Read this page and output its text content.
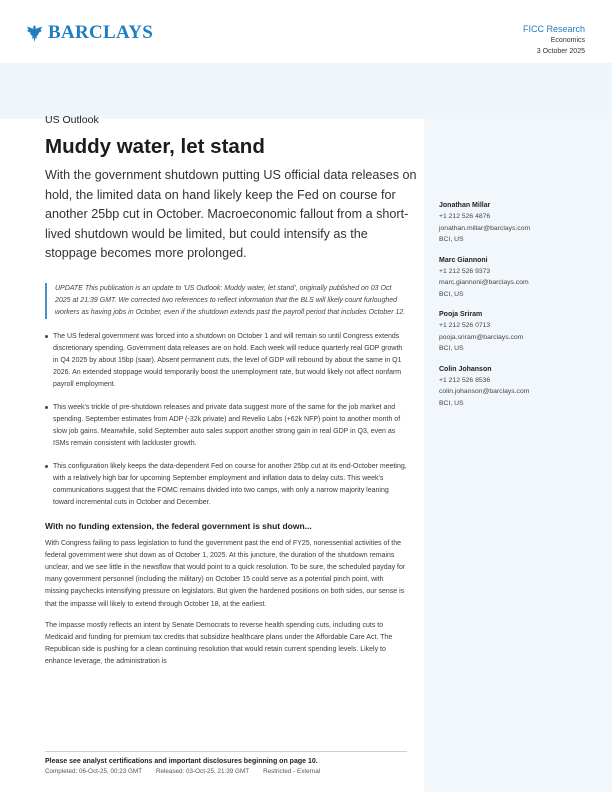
BARCLAYS	FICC Research
Economics
3 October 2025
US Outlook
Muddy water, let stand
With the government shutdown putting US official data releases on hold, the limited data on hand likely keep the Fed on course for another 25bp cut in October. Macroeconomic fallout from a short-lived shutdown would be limited, but could intensify as the stoppage becomes more prolonged.
UPDATE This publication is an update to 'US Outlook: Muddy water, let stand', originally published on 03 Oct 2025 at 21:39 GMT. We corrected two references to reflect information that the BLS will likely count furloughed workers as having jobs in October, even if the shutdown extends past the payroll period that includes October 12.
The US federal government was forced into a shutdown on October 1 and will remain so until Congress extends discretionary spending. Government data releases are on hold. Each week will reduce quarterly real GDP growth in Q4 2025 by about 15bp (saar). Absent permanent cuts, the level of GDP will rebound by about the same in Q1 2026. An extended stoppage would temporarily boost the unemployment rate, but would likely not affect nonfarm payroll employment.
This week's trickle of pre-shutdown releases and private data suggest more of the same for the job market and spending. September estimates from ADP (-32k private) and Revelio Labs (+62k NFP) point to another month of slow job gains. Meanwhile, solid September auto sales support another strong gain in real GDP in Q3, even as ISMs remain consistent with lackluster growth.
This configuration likely keeps the data-dependent Fed on course for another 25bp cut at its end-October meeting, with a relatively high bar for upcoming September employment and inflation data to delay cuts. This week's communications suggest that the FOMC remains divided into two camps, with only a narrow majority leaning toward incremental cuts in October and December.
With no funding extension, the federal government is shut down...

With Congress failing to pass legislation to fund the government past the end of FY25, nonessential activities of the federal government were shut down as of October 1, 2025. At this juncture, the duration of the shutdown remains unclear, and we see little in the newsflow that would point to a quick resolution. To be sure, the scheduled payday for many government personnel (including the military) on October 15 could serve as a potential pinch point, with missing paychecks intensifying pressure on legislators. But given the hardened positions on both sides, our sense is that the impasse will likely to extend through October 18, at the earliest.

The impasse mostly reflects an intent by Senate Democrats to reverse health spending cuts, including cuts to Medicaid and funding for premium tax credits that subsidize healthcare plans under the Affordable Care Act. The Republican side is pushing for a clean continuing resolution that would retain current spending levels. Likely to enhance leverage, the administration is

Jonathan Millar
+1 212 526 4876
jonathan.millar@barclays.com
BCI, US
Marc Giannoni
+1 212 526 9373
marc.giannoni@barclays.com
BCI, US
Pooja Sriram
+1 212 526 0713
pooja.sriram@barclays.com
BCI, US
Colin Johanson
+1 212 526 8536
colin.johanson@barclays.com
BCI, US
Please see analyst certifications and important disclosures beginning on page 10.
Completed: 06-Oct-25, 00:23 GMT Released: 03-Oct-25, 21:39 GMT Restricted - External
